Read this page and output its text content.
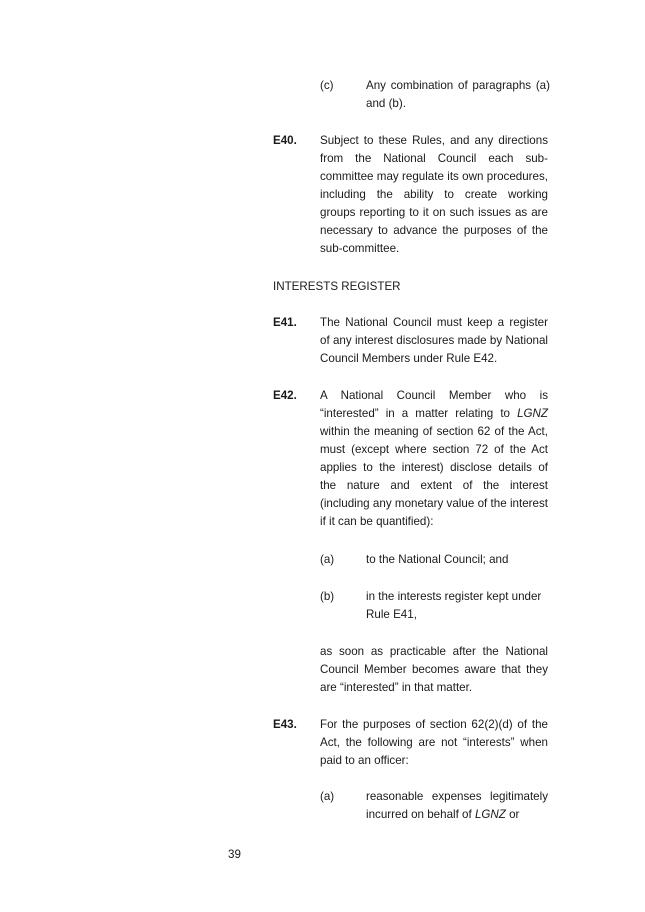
(c)	Any combination of paragraphs (a) and (b).
E40. Subject to these Rules, and any directions from the National Council each sub-committee may regulate its own procedures, including the ability to create working groups reporting to it on such issues as are necessary to advance the purposes of the sub-committee.
INTERESTS REGISTER
E41. The National Council must keep a register of any interest disclosures made by National Council Members under Rule E42.
E42. A National Council Member who is “interested” in a matter relating to LGNZ within the meaning of section 62 of the Act, must (except where section 72 of the Act applies to the interest) disclose details of the nature and extent of the interest (including any monetary value of the interest if it can be quantified):
(a)	to the National Council; and
(b)	in the interests register kept under Rule E41,
as soon as practicable after the National Council Member becomes aware that they are “interested” in that matter.
E43. For the purposes of section 62(2)(d) of the Act, the following are not “interests” when paid to an officer:
(a)	reasonable expenses legitimately incurred on behalf of LGNZ or
39
